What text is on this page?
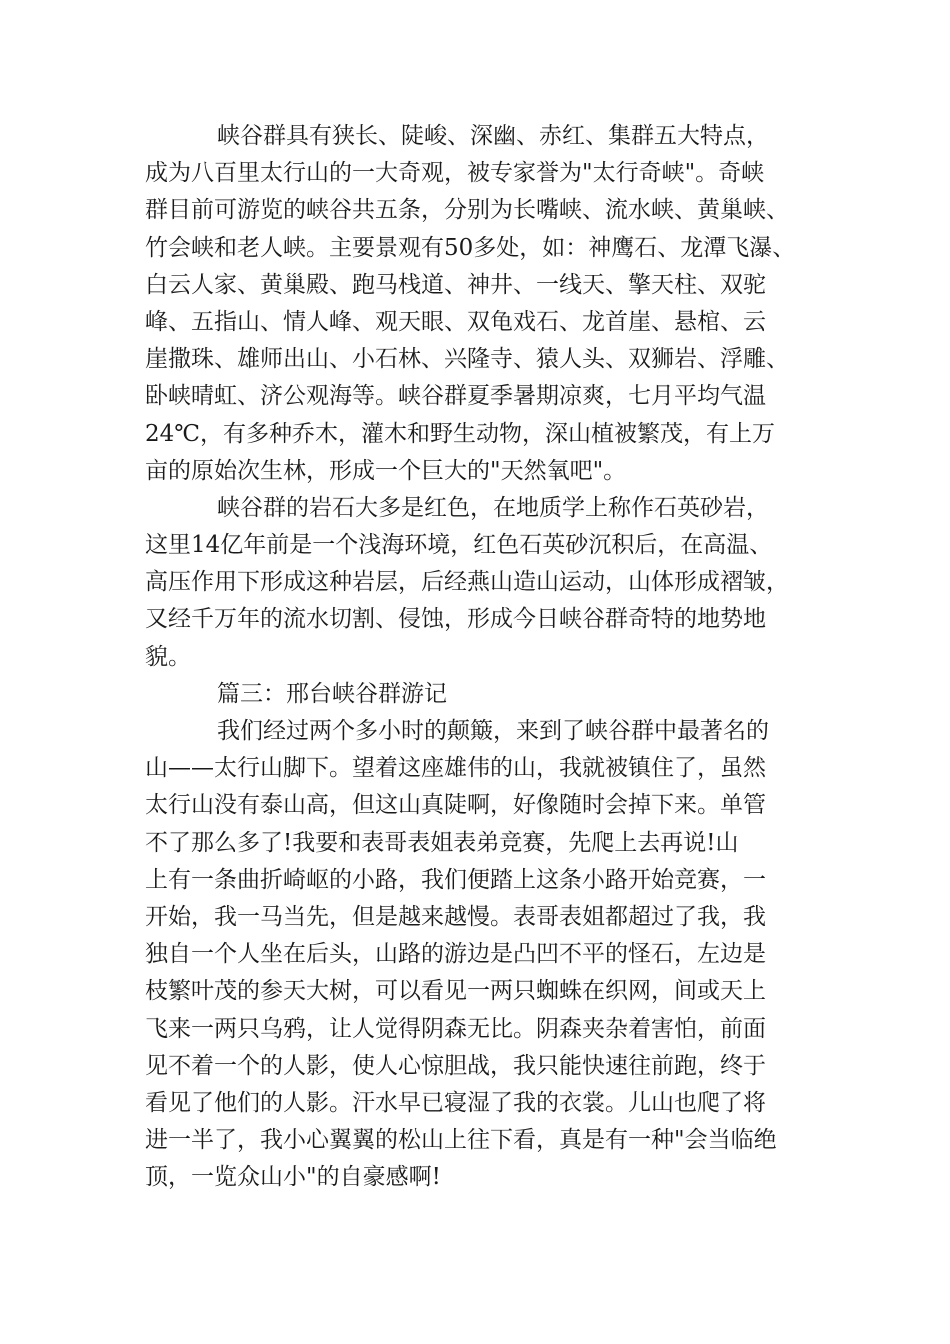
峡谷群具有狭长、陡峻、深幽、赤红、集群五大特点，
成为八百里太行山的一大奇观，被专家誉为"太行奇峡"。奇峡
群目前可游览的峡谷共五条，分别为长嘴峡、流水峡、黄巢峡、
竹会峡和老人峡。主要景观有50多处，如：神鹰石、龙潭飞瀑、
白云人家、黄巢殿、跑马栈道、神井、一线天、擎天柱、双驼
峰、五指山、情人峰、观天眼、双龟戏石、龙首崖、悬棺、云
崖撒珠、雄师出山、小石林、兴隆寺、猿人头、双狮岩、浮雕、
卧峡晴虹、济公观海等。峡谷群夏季暑期凉爽，七月平均气温
24℃，有多种乔木，灌木和野生动物，深山植被繁茂，有上万
亩的原始次生林，形成一个巨大的"天然氧吧"。
峡谷群的岩石大多是红色，在地质学上称作石英砂岩，
这里14亿年前是一个浅海环境，红色石英砂沉积后，在高温、
高压作用下形成这种岩层，后经燕山造山运动，山体形成褶皱，
又经千万年的流水切割、侵蚀，形成今日峡谷群奇特的地势地
貌。
篇三：邢台峡谷群游记
我们经过两个多小时的颠簸，来到了峡谷群中最著名的
山——太行山脚下。望着这座雄伟的山，我就被镇住了，虽然
太行山没有泰山高，但这山真陡啊，好像随时会掉下来。单管
不了那么多了!我要和表哥表姐表弟竞赛，先爬上去再说!山
上有一条曲折崎岖的小路，我们便踏上这条小路开始竞赛，一
开始，我一马当先，但是越来越慢。表哥表姐都超过了我，我
独自一个人坐在后头，山路的游边是凸凹不平的怪石，左边是
枝繁叶茂的参天大树，可以看见一两只蜘蛛在织网，间或天上
飞来一两只乌鸦，让人觉得阴森无比。阴森夹杂着害怕，前面
见不着一个的人影，使人心惊胆战，我只能快速往前跑，终于
看见了他们的人影。汗水早已寝湿了我的衣裳。儿山也爬了将
进一半了，我小心翼翼的松山上往下看，真是有一种"会当临绝
顶，一览众山小"的自豪感啊!
